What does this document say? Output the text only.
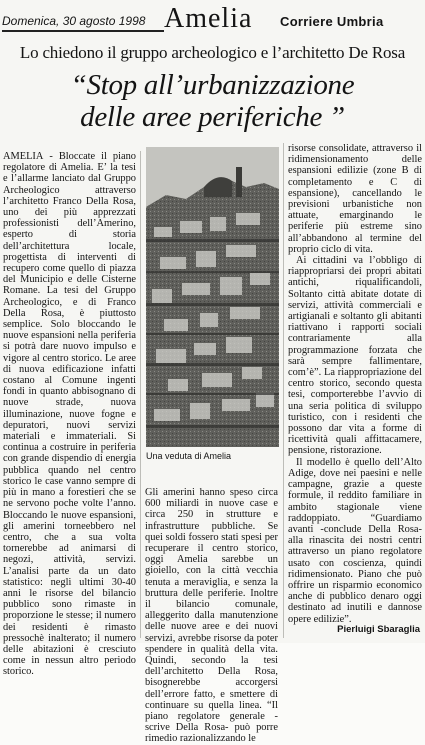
Domenica, 30 agosto 1998 Amelia Corriere Umbria
Lo chiedono il gruppo archeologico e l’architetto De Rosa
“Stop all’urbanizzazione
delle aree periferiche ”

AMELIA - Bloccate il piano regolatore di Amelia. E’ la tesi e l’allarme lanciato dal Gruppo Archeologico attraverso l’architetto Franco Della Rosa, uno dei più apprezzati professionisti dell’Amerino, esperto di storia dell’architettura locale, progettista di interventi di recupero come quello di piazza del Municipio e delle Cisterne Romane. La tesi del Gruppo Archeologico, e di Franco Della Rosa, è piuttosto semplice. Solo bloccando le nuove espansioni nella periferia si potrà dare nuovo impulso e vigore al centro storico. Le aree di nuova edificazione infatti costano al Comune ingenti fondi in quanto abbisognano di nuove strade, nuova illuminazione, nuove fogne e depuratori, nuovi servizi materiali e immateriali. Si continua a costruire in periferia con grande dispendio di energia pubblica quando nel centro storico le case vanno sempre di più in mano a forestieri che se ne servono poche volte l’anno. Bloccando le nuove espansioni, gli amerini torneebbero nel centro, che a sua volta tornerebbe ad animarsi di negozi, attività, servizi. L’analisi parte da un dato statistico: negli ultimi 30-40 anni le risorse del bilancio pubblico sono rimaste in proporzione le stesse; il numero dei residenti è rimasto pressochè inalterato; il numero delle abitazioni è cresciuto come in nessun altro periodo storico.

Una veduta di Amelia

Gli amerini hanno speso circa 600 miliardi in nuove case e circa 250 in strutture e infrastrutture pubbliche. Se quei soldi fossero stati spesi per recuperare il centro storico, oggi Amelia sarebbe un gioiello, con la città vecchia tenuta a meraviglia, e senza la bruttura delle periferie. Inoltre il bilancio comunale, alleggerito dalla manutenzione delle nuove aree e dei nuovi servizi, avrebbe risorse da poter spendere in qualità della vita. Quindi, secondo la tesi dell’architetto Della Rosa, bisognerebbe accorgersi dell’errore fatto, e smettere di continuare su quella linea. “Il piano regolatore generale - scrive Della Rosa- può porre rimedio razionalizzando le

risorse consolidate, attraverso il ridimensionamento delle espansioni edilizie (zone B di completamento e C di espansione), cancellando le previsioni urbanistiche non attuate, emarginando le periferie più estreme sino all’abbandono al termine del proprio ciclo di vita.

Ai cittadini va l’obbligo di riappropriarsi dei propri abitati antichi, riqualificandoli, Soltanto città abitate dotate di servizi, attività commerciali e artigianali e soltanto gli abitanti riattivano i rapporti sociali contrariamente alla programmazione forzata che sarà sempre fallimentare, com’è”. La riappropriazione del centro storico, secondo questa tesi, comporterebbe l’avvio di una seria politica di sviluppo turistico, con i residenti che possono dar vita a forme di ricettività quali affittacamere, pensione, ristorazione.

Il modello è quello dell’Alto Adige, dove nei paesini e nelle campagne, grazie a queste formule, il reddito familiare in ambito stagionale viene raddoppiato. “Guardiamo avanti -conclude Della Rosa- alla rinascita dei nostri centri attraverso un piano regolatore usato con coscienza, quindi ridimensionato. Piano che può offrire un risparmio economico anche di pubblico denaro oggi destinato ad inutili e dannose opere edilizie”.

Pierluigi Sbaraglia
